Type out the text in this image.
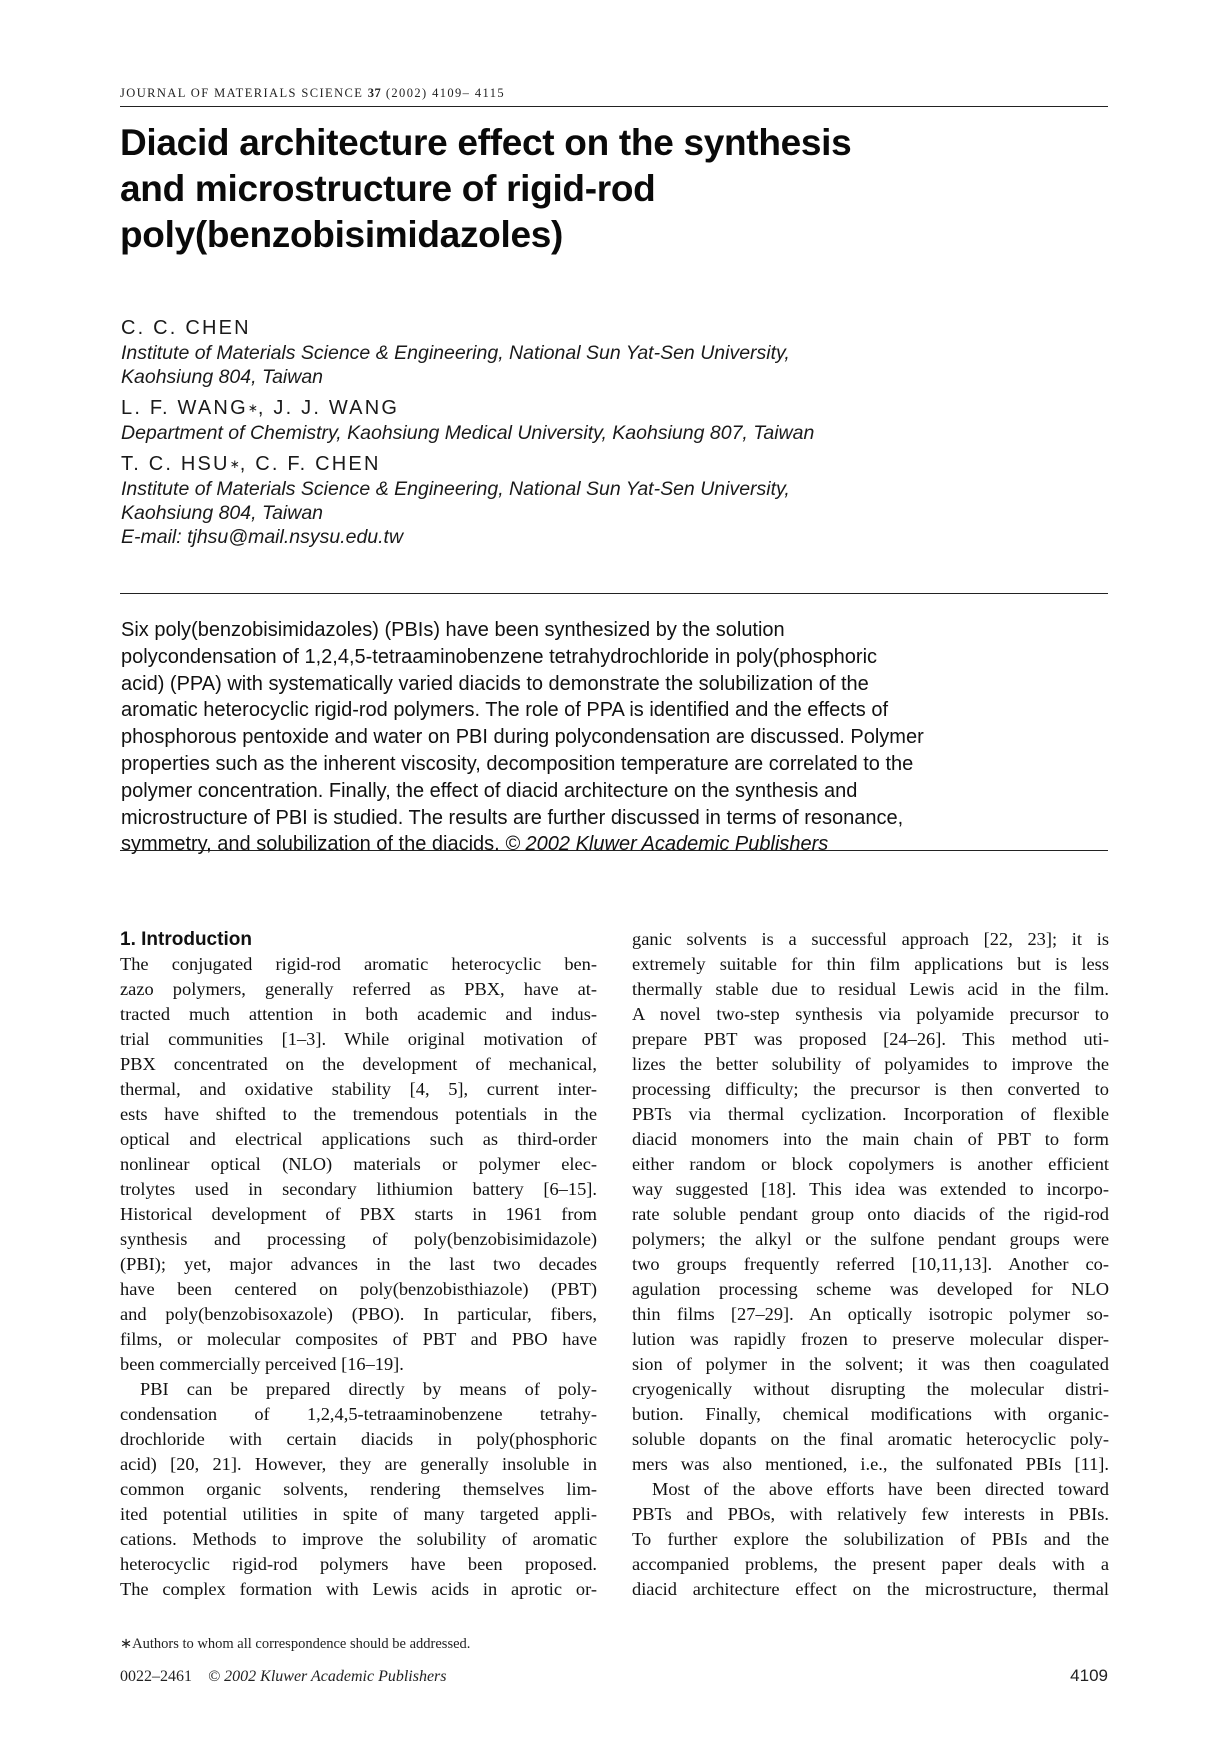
JOURNAL OF MATERIALS SCIENCE 37 (2002) 4109– 4115
Diacid architecture effect on the synthesis
and microstructure of rigid-rod
poly(benzobisimidazoles)
C. C. CHEN
Institute of Materials Science & Engineering, National Sun Yat-Sen University,
Kaohsiung 804, Taiwan
L. F. WANG∗, J. J. WANG
Department of Chemistry, Kaohsiung Medical University, Kaohsiung 807, Taiwan
T. C. HSU∗, C. F. CHEN
Institute of Materials Science & Engineering, National Sun Yat-Sen University,
Kaohsiung 804, Taiwan
E-mail: tjhsu@mail.nsysu.edu.tw
Six poly(benzobisimidazoles) (PBIs) have been synthesized by the solution
polycondensation of 1,2,4,5-tetraaminobenzene tetrahydrochloride in poly(phosphoric
acid) (PPA) with systematically varied diacids to demonstrate the solubilization of the
aromatic heterocyclic rigid-rod polymers. The role of PPA is identified and the effects of
phosphorous pentoxide and water on PBI during polycondensation are discussed. Polymer
properties such as the inherent viscosity, decomposition temperature are correlated to the
polymer concentration. Finally, the effect of diacid architecture on the synthesis and
microstructure of PBI is studied. The results are further discussed in terms of resonance,
symmetry, and solubilization of the diacids. © 2002 Kluwer Academic Publishers
1. Introduction
The conjugated rigid-rod aromatic heterocyclic ben-
zazo polymers, generally referred as PBX, have at-
tracted much attention in both academic and indus-
trial communities [1–3]. While original motivation of
PBX concentrated on the development of mechanical,
thermal, and oxidative stability [4, 5], current inter-
ests have shifted to the tremendous potentials in the
optical and electrical applications such as third-order
nonlinear optical (NLO) materials or polymer elec-
trolytes used in secondary lithiumion battery [6–15].
Historical development of PBX starts in 1961 from
synthesis and processing of poly(benzobisimidazole)
(PBI); yet, major advances in the last two decades
have been centered on poly(benzobisthiazole) (PBT)
and poly(benzobisoxazole) (PBO). In particular, fibers,
films, or molecular composites of PBT and PBO have
been commercially perceived [16–19].
PBI can be prepared directly by means of poly-
condensation of 1,2,4,5-tetraaminobenzene tetrahy-
drochloride with certain diacids in poly(phosphoric
acid) [20, 21]. However, they are generally insoluble in
common organic solvents, rendering themselves lim-
ited potential utilities in spite of many targeted appli-
cations. Methods to improve the solubility of aromatic
heterocyclic rigid-rod polymers have been proposed.
The complex formation with Lewis acids in aprotic or-
ganic solvents is a successful approach [22, 23]; it is
extremely suitable for thin film applications but is less
thermally stable due to residual Lewis acid in the film.
A novel two-step synthesis via polyamide precursor to
prepare PBT was proposed [24–26]. This method uti-
lizes the better solubility of polyamides to improve the
processing difficulty; the precursor is then converted to
PBTs via thermal cyclization. Incorporation of flexible
diacid monomers into the main chain of PBT to form
either random or block copolymers is another efficient
way suggested [18]. This idea was extended to incorpo-
rate soluble pendant group onto diacids of the rigid-rod
polymers; the alkyl or the sulfone pendant groups were
two groups frequently referred [10,11,13]. Another co-
agulation processing scheme was developed for NLO
thin films [27–29]. An optically isotropic polymer so-
lution was rapidly frozen to preserve molecular disper-
sion of polymer in the solvent; it was then coagulated
cryogenically without disrupting the molecular distri-
bution. Finally, chemical modifications with organic-
soluble dopants on the final aromatic heterocyclic poly-
mers was also mentioned, i.e., the sulfonated PBIs [11].
Most of the above efforts have been directed toward
PBTs and PBOs, with relatively few interests in PBIs.
To further explore the solubilization of PBIs and the
accompanied problems, the present paper deals with a
diacid architecture effect on the microstructure, thermal
∗Authors to whom all correspondence should be addressed.
0022–2461 © 2002 Kluwer Academic Publishers	4109
